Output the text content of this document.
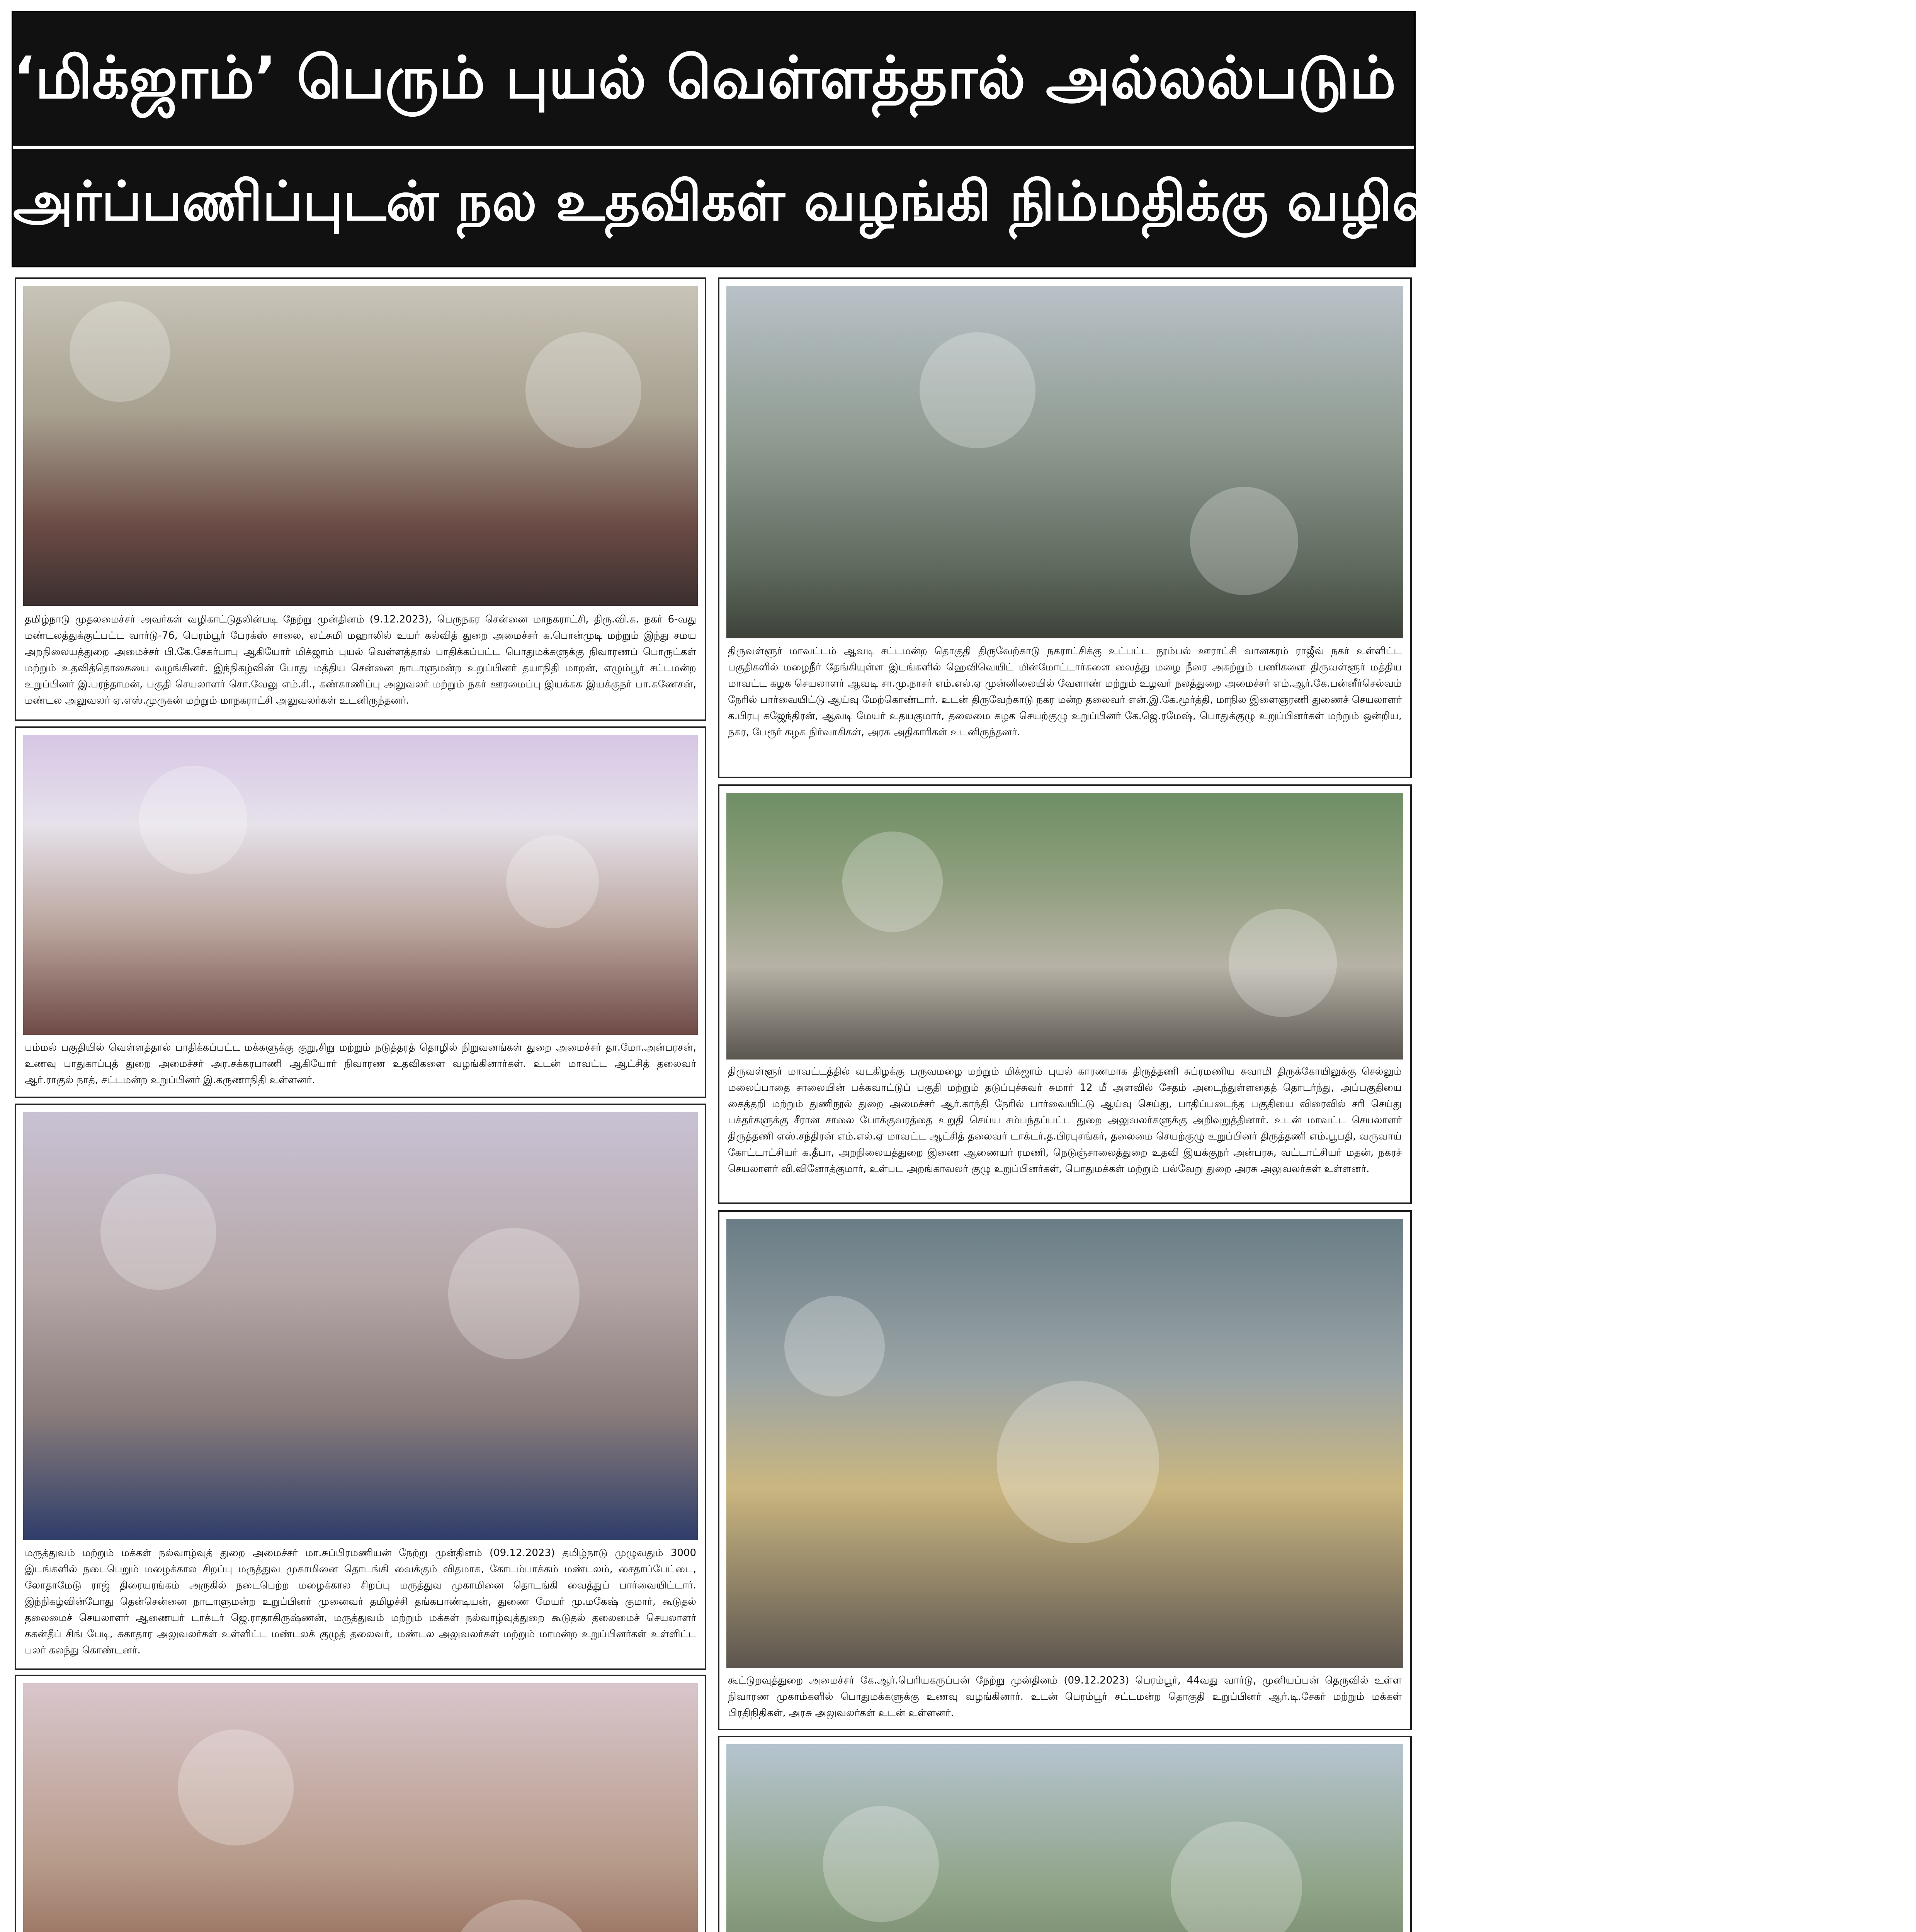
‘மிக்ஜாம்’ பெரும் புயல் வெள்ளத்தால் அல்லல்படும் மக்களுக்கு
அர்ப்பணிப்புடன் நல உதவிகள் வழங்கி நிம்மதிக்கு வழிவகுக்கும் கழக அரசு!
தமிழ்நாடு முதலமைச்சர் அவர்கள் வழிகாட்டுதலின்படி நேற்று முன்தினம் (9.12.2023), பெருநகர சென்னை மாநகராட்சி, திரு.வி.க. நகர் 6-வது மண்டலத்துக்குட்பட்ட வார்டு-76, பெரம்பூர் பேரக்ஸ் சாலை, லட்சுமி மஹாலில் உயர் கல்வித் துறை அமைச்சர் க.பொன்முடி மற்றும் இந்து சமய அறநிலையத்துறை அமைச்சர் பி.கே.சேகர்பாபு ஆகியோர் மிக்ஜாம் புயல் வெள்ளத்தால் பாதிக்கப்பட்ட பொதுமக்களுக்கு நிவாரணப் பொருட்கள் மற்றும் உதவித்தொகையை வழங்கினர். இந்நிகழ்வின் போது மத்திய சென்னை நாடாளுமன்ற உறுப்பினர் தயாநிதி மாறன், எழும்பூர் சட்டமன்ற உறுப்பினர் இ.பரந்தாமன், பகுதி செயலாளர் சொ.வேலு எம்.சி., கண்காணிப்பு அலுவலர் மற்றும் நகர் ஊரமைப்பு இயக்கக இயக்குநர் பா.கணேசன், மண்டல அலுவலர் ஏ.எஸ்.முருகன் மற்றும் மாநகராட்சி அலுவலர்கள் உடனிருந்தனர்.
பம்மல் பகுதியில் வெள்ளத்தால் பாதிக்கப்பட்ட மக்களுக்கு குறு,சிறு மற்றும் நடுத்தரத் தொழில் நிறுவனங்கள் துறை அமைச்சர் தா.மோ.அன்பரசன், உணவு பாதுகாப்புத் துறை அமைச்சர் அர.சக்கரபாணி ஆகியோர் நிவாரண உதவிகளை வழங்கினார்கள். உடன் மாவட்ட ஆட்சித் தலைவர் ஆர்.ராகுல் நாத், சட்டமன்ற உறுப்பினர் இ.கருணாநிதி உள்ளனர்.
மருத்துவம் மற்றும் மக்கள் நல்வாழ்வுத் துறை அமைச்சர் மா.சுப்பிரமணியன் நேற்று முன்தினம் (09.12.2023) தமிழ்நாடு முழுவதும் 3000 இடங்களில் நடைபெறும் மழைக்கால சிறப்பு மருத்துவ முகாமினை தொடங்கி வைக்கும் விதமாக, கோடம்பாக்கம் மண்டலம், சைதாப்பேட்டை, லோதாமேடு ராஜ் திரையரங்கம் அருகில் நடைபெற்ற மழைக்கால சிறப்பு மருத்துவ முகாமினை தொடங்கி வைத்துப் பார்வையிட்டார். இந்நிகழ்வின்போது தென்சென்னை நாடாளுமன்ற உறுப்பினர் முனைவர் தமிழச்சி தங்கபாண்டியன், துணை மேயர் மு.மகேஷ் குமார், கூடுதல் தலைமைச் செயலாளர் ஆணையர் டாக்டர் ஜெ.ராதாகிருஷ்ணன், மருத்துவம் மற்றும் மக்கள் நல்வாழ்வுத்துறை கூடுதல் தலைமைச் செயலாளர் ககன்தீப் சிங் பேடி, சுகாதார அலுவலர்கள் உள்ளிட்ட மண்டலக் குழுத் தலைவர், மண்டல அலுவலர்கள் மற்றும் மாமன்ற உறுப்பினர்கள் உள்ளிட்ட பலர் கலந்து கொண்டனர்.
திருவள்ளூர் மாவட்டம் ஆவடி சட்டமன்ற தொகுதி திருவேற்காடு நகராட்சிக்கு உட்பட்ட நூம்பல் ஊராட்சி வானகரம் ராஜீவ் நகர் உள்ளிட்ட பகுதிகளில் மழைநீர் தேங்கியுள்ள இடங்களில் ஹெவிவெயிட் மின்மோட்டார்களை வைத்து மழை நீரை அகற்றும் பணிகளை திருவள்ளூர் மத்திய மாவட்ட கழக செயலாளர் ஆவடி சா.மு.நாசர் எம்.எல்.ஏ முன்னிலையில் வேளாண் மற்றும் உழவர் நலத்துறை அமைச்சர் எம்.ஆர்.கே.பன்னீர்செல்வம் நேரில் பார்வையிட்டு ஆய்வு மேற்கொண்டார். உடன் திருவேற்காடு நகர மன்ற தலைவர் என்.இ.கே.மூர்த்தி, மாநில இளைஞரணி துணைச் செயலாளர் க.பிரபு கஜேந்திரன், ஆவடி மேயர் உதயகுமார், தலைமை கழக செயற்குழு உறுப்பினர் கே.ஜெ.ரமேஷ், பொதுக்குழு உறுப்பினர்கள் மற்றும் ஒன்றிய, நகர, பேரூர் கழக நிர்வாகிகள், அரசு அதிகாரிகள் உடனிருந்தனர்.
திருவள்ளூர் மாவட்டத்தில் வடகிழக்கு பருவமழை மற்றும் மிக்ஜாம் புயல் காரணமாக திருத்தணி சுப்ரமணிய சுவாமி திருக்கோயிலுக்கு செல்லும் மலைப்பாதை சாலையின் பக்கவாட்டுப் பகுதி மற்றும் தடுப்புச்சுவர் சுமார் 12 மீ அளவில் சேதம் அடைந்துள்ளதைத் தொடர்ந்து, அப்பகுதியை கைத்தறி மற்றும் துணிநூல் துறை அமைச்சர் ஆர்.காந்தி நேரில் பார்வையிட்டு ஆய்வு செய்து, பாதிப்படைந்த பகுதியை விரைவில் சரி செய்து பக்தர்களுக்கு சீரான சாலை போக்குவரத்தை உறுதி செய்ய சம்பந்தப்பட்ட துறை அலுவலர்களுக்கு அறிவுறுத்தினார். உடன் மாவட்ட செயலாளர் திருத்தணி எஸ்.சந்திரன் எம்.எல்.ஏ மாவட்ட ஆட்சித் தலைவர் டாக்டர்.த.பிரபுசங்கர், தலைமை செயற்குழு உறுப்பினர் திருத்தணி எம்.பூபதி, வருவாய் கோட்டாட்சியர் க.தீபா, அறநிலையத்துறை இணை ஆணையர் ரமணி, நெடுஞ்சாலைத்துறை உதவி இயக்குநர் அன்பரசு, வட்டாட்சியர் மதன், நகரச் செயலாளர் வி.வினோத்குமார், உள்பட அறங்காவலர் குழு உறுப்பினர்கள், பொதுமக்கள் மற்றும் பல்வேறு துறை அரசு அலுவலர்கள் உள்ளனர்.
கூட்டுறவுத்துறை அமைச்சர் கே.ஆர்.பெரியகருப்பன் நேற்று முன்தினம் (09.12.2023) பெரம்பூர், 44வது வார்டு, முனியப்பன் தெருவில் உள்ள நிவாரண முகாம்களில் பொதுமக்களுக்கு உணவு வழங்கினார். உடன் பெரம்பூர் சட்டமன்ற தொகுதி உறுப்பினர் ஆர்.டி.சேகர் மற்றும் மக்கள் பிரதிநிதிகள், அரசு அலுவலர்கள் உடன் உள்ளனர்.
